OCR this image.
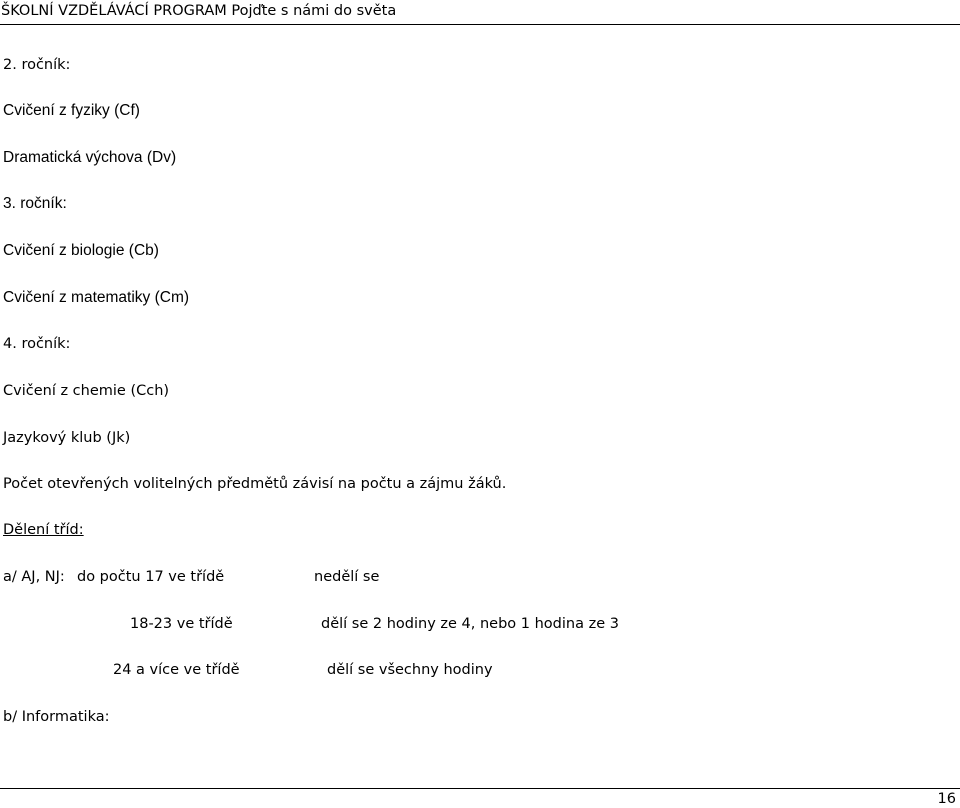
ŠKOLNÍ VZDĚLÁVÁCÍ PROGRAM Pojďte s námi do světa
2. ročník:
Cvičení z fyziky (Cf)
Dramatická výchova (Dv)
3. ročník:
Cvičení z biologie (Cb)
Cvičení z matematiky (Cm)
4. ročník:
Cvičení z chemie (Cch)
Jazykový klub (Jk)
Počet otevřených volitelných předmětů závisí na počtu a zájmu žáků.
Dělení tříd:
a/ AJ, NJ: do počtu 17 ve třídě	nedělí se
18-23 ve třídě	dělí se 2 hodiny ze 4, nebo 1 hodina ze 3
24 a více ve třídě	dělí se všechny hodiny
b/ Informatika:
16
